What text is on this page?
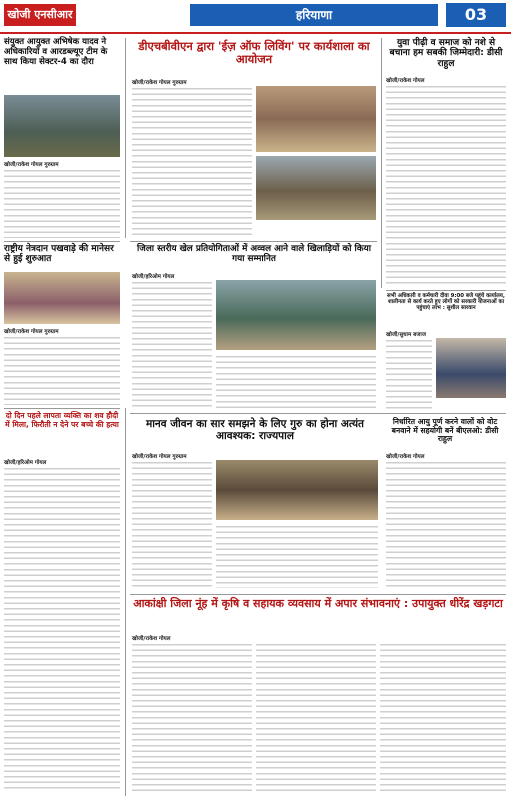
खोजी एनसीआर	हरियाणा	03
संयुक्त आयुक्त अभिषेक यादव ने अधिकारियों व आरडब्ल्यूए टीम के साथ किया सेक्टर-4 का दौरा
खोजी/राकेश गोयल गुरुग्राम
डीएचबीवीएन द्वारा 'ईज़ ऑफ लिविंग' पर कार्यशाला का आयोजन
खोजी/राकेश गोयल गुरुग्राम
युवा पीढ़ी व समाज को नशे से बचाना हम सबकी जिम्मेदारी: डीसी राहुल
खोजी/राकेश गोयल
राष्ट्रीय नेत्रदान पखवाड़े की मानेसर से हुई शुरुआत
खोजी/राकेश गोयल गुरुग्राम
जिला स्तरीय खेल प्रतियोगिताओं में अव्वल आने वाले खिलाड़ियों को किया गया सम्मानित
खोजी/हरिओम गोयल
सभी अधिकारी व कर्मचारी दीवा 9:00 बजे पहुंचे कार्यालय, शालीनता से कार्य करते हुए लोगों को सरकारी योजनाओं का पहुंचाएं लाभ : सुशील सारवान
खोजी/सुधाम बजाज
दो दिन पहले लापता व्यक्ति का शव हौदी में मिला, फिरौती न देने पर बच्चे की हत्या
खोजी/हरिओम गोयल
मानव जीवन का सार समझने के लिए गुरु का होना अत्यंत आवश्यक: राज्यपाल
खोजी/राकेश गोयल गुरुग्राम
निर्धारित आयु पूर्ण करने वालों को वोट बनवाने में सहयोगी बनें बीएलओ: डीसी राहुल
खोजी/राकेश गोयल
आकांक्षी जिला नूंह में कृषि व सहायक व्यवसाय में अपार संभावनाएं : उपायुक्त धीरेंद्र खड़गटा
खोजी/राकेश गोयल
